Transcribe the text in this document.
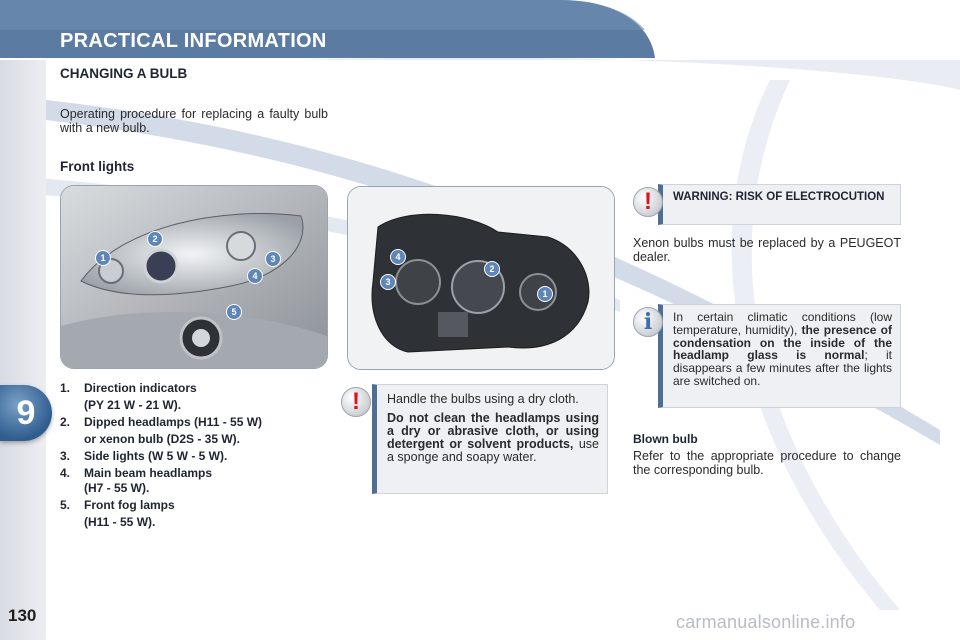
PRACTICAL INFORMATION
9
130
CHANGING A BULB
Operating procedure for replacing a faulty bulb with a new bulb.
Front lights
1
2
3
4
5
4
3
2
1
1. Direction indicators
(PY 21 W - 21 W).
2. Dipped headlamps (H11 - 55 W)
or xenon bulb (D2S - 35 W).
3. Side lights (W 5 W - 5 W).
4. Main beam headlamps
(H7 - 55 W).
5. Front fog lamps
(H11 - 55 W).

Handle the bulbs using a dry cloth.

Do not clean the headlamps using a dry or abrasive cloth, or using detergent or solvent products, use a sponge and soapy water.

!

WARNING: RISK OF ELECTROCUTION

!
Xenon bulbs must be replaced by a PEUGEOT dealer.

In certain climatic conditions (low temperature, humidity), the presence of condensation on the inside of the headlamp glass is normal; it disappears a few minutes after the lights are switched on.

i
Blown bulb
Refer to the appropriate procedure to change the corresponding bulb.
carmanualsonline.info
